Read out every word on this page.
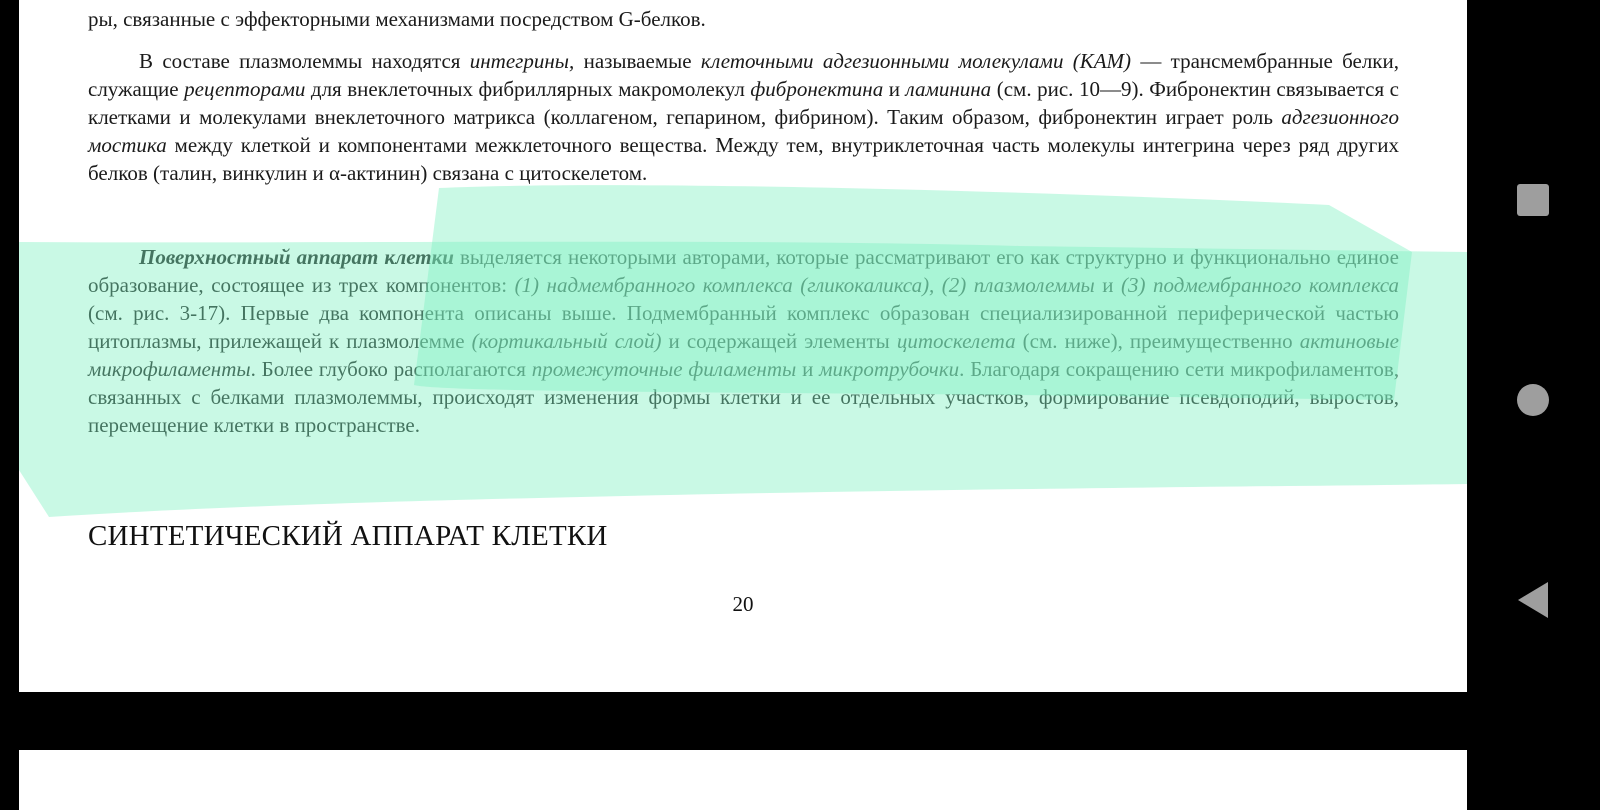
ры, связанные с эффекторными механизмами посредством G-белков.

В составе плазмолеммы находятся интегрины, называемые клеточными адгезионными молекулами (КАМ) — трансмембранные белки, служащие рецепторами для внеклеточных фибриллярных макромолекул фибронектина и ламинина (см. рис. 10—9). Фибронектин связывается с клетками и молекулами внеклеточного матрикса (коллагеном, гепарином, фибрином). Таким образом, фибронектин играет роль адгезионного мостика между клеткой и компонентами межклеточного вещества. Между тем, внутриклеточная часть молекулы интегрина через ряд других белков (талин, винкулин и α-актинин) связана с цитоскелетом.

Поверхностный аппарат клетки выделяется некоторыми авторами, которые рассматривают его как структурно и функционально единое образование, состоящее из трех компонентов: (1) надмембранного комплекса (гликокаликса), (2) плазмолеммы и (3) подмембранного комплекса (см. рис. 3-17). Первые два компонента описаны выше. Подмембранный комплекс образован специализированной периферической частью цитоплазмы, прилежащей к плазмолемме (кортикальный слой) и содержащей элементы цитоскелета (см. ниже), преимущественно актиновые микрофиламенты. Более глубоко располагаются промежуточные филаменты и микротрубочки. Благодаря сокращению сети микрофиламентов, связанных с белками плазмолеммы, происходят изменения формы клетки и ее отдельных участков, формирование псевдоподий, выростов, перемещение клетки в пространстве.

СИНТЕТИЧЕСКИЙ АППАРАТ КЛЕТКИ
20
